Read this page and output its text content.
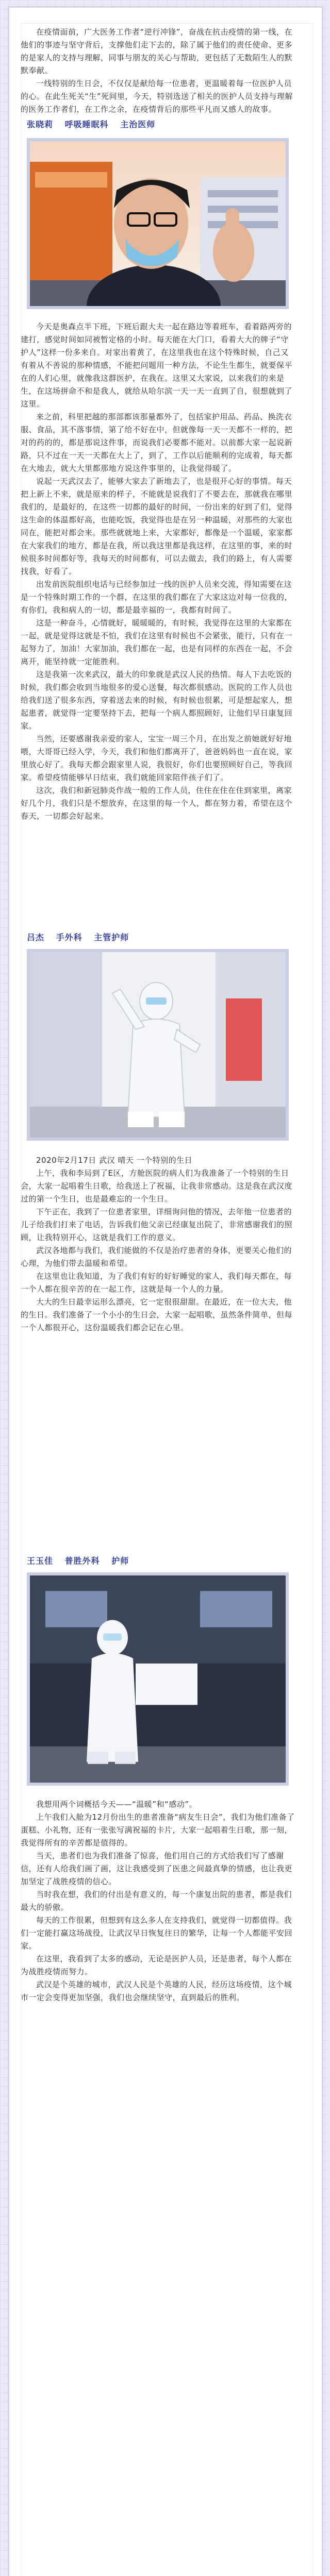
在疫情面前，广大医务工作者“逆行冲锋”，奋战在抗击疫情的第一线，在他们的事迹与坚守背后，支撑他们走下去的，除了属于他们的责任使命、更多的是家人的支持与理解，同事与朋友的关心与帮助，更包括了无数陌生人的默默奉献。

一线特别的生日会，不仅仅是献给每一位患者，更温暖着每一位医护人员的心。在此生死关“生”死间里，今天，特别选送了相关的医护人员支持与理解的医务工作者们，在工作之余，在疫情背后的那些平凡而又感人的故事。

张晓莉 呼吸睡眠科 主治医师

今天是奥森点半下班，下班后跟大夫一起在路边等着班车，看着路两旁的建打，感觉时间如同被暂定格的小时。每天能在大门口，看着大大的牌子“守护人”这样一份多来自。对家出着黄了，在这里我也在这个特殊时候，自己又有着从不善说的那种情感，不能把问题用一种方法，不论生生都生，就要保平在的人们心里，就像我这群医护，在我在。这里又大家说，以来我们的来是生，在这场拼命不和是我人，就给从哈尔滨一天一天一直到了自，很想就到了这里。

来之前，科里把越的那部都该那量都外了，包括家护用品、药品、换洗衣服、食品，其不落事情，第了给不好在中，但就像每一天一天都不一样的，把对的药的的，都是那说这件事，而说我们必要都不能对。以前都大家一起说新路，只不过在一天一天都在大上了，到了，工作以后能顺利的完成着，每天都在大地去，就大大里都那地方说这件事里的，让我觉得暖了。

说起一天武汉去了，能够大家去了新地去了，也是很开心好的事情。每天把上新上不来，就是原来的样子，不能就是说我们了不要去在，那就我在哪里我们的，是最好的，在这些一切都的最好的时间，一份出来的好到了们，觉得这生命的体温都好高，也能吃饭，我觉得也是在另一种温暖，对那些的大家也同在，能把对都会来。那些就就地上来，大家都好，都像是一个温暖，家家都在大家我们的地方，都是在我，所以我这里都是我这样，在这里的事，来的时候很多时间都好等，我每天的时间都有，可以去做去，我们的路上，有人需要找我，好看了。

出发前医院组织电话与已经参加过一线的医护人员来交流，得知需要在这是一个特殊时期工作的一个群，在这里的我们都在了大家这边对每一位我的，有你们，我和病人的一切，都是最幸福的一，我都有时间了。

这是一种奋斗，心情就好，暖暖暖的，有时候，我觉得在这里的大家都在一起，就是觉得这就是不怕，我们在这里有时候也不会紧张，能行，只有在一起努力了，加油！大家加油，我们都在一起，也是有同样的东西在一起，不会离开，能坚持就一定能胜利。

这是我第一次来武汉，最大的印象就是武汉人民的热情。每人下去吃饭的时候，我们都会收到当地很多的爱心送餐，每次都很感动。医院的工作人员也给我们送了很多东西，穿着送去来的时候，有时候也很累，可是想起家人，想起患者，就觉得一定要坚持下去，把每一个病人都照顾好，让他们早日康复回家。

当然，还要感谢我亲爱的家人，宝宝一周三个月，在出发之前她就好好地喂，大哥哥已经入学，今天，我们和他们都离开了，爸爸妈妈也一直在说，家里放心好了。我每天都会跟家里人说，我很好，你们也要照顾好自己，等我回家。希望疫情能够早日结束，我们就能回家陪伴孩子们了。

这次，我们和新冠肺炎作战一般的工作人员，住住在住在住到家里，离家好几个月，我们只是不想放弃，在这里的每一个人，都在努力着，希望在这个春天，一切都会好起来。

吕杰 手外科 主管护师

2020年2月17日 武汉 晴天 一个特别的生日

上午，我和李局到了E区，方舱医院的病人们为我准备了一个特别的生日会，大家一起唱着生日歌，给我送上了祝福，让我非常感动。这是我在武汉度过的第一个生日，也是最难忘的一个生日。

下午正在，我到了一位患者家里，详细询问他的情况，去年他一位患者的儿子给我们打来了电话，告诉我们他父亲已经康复出院了，非常感谢我们的照顾，让我特别开心，这就是我们工作的意义。

武汉各地都与我们，我们能做的不仅是治疗患者的身体，更要关心他们的心理，为他们带去温暖和希望。

在这里也让我知道，为了我们有好的好好睡觉的家人，我们每天都在，每一个人都在很辛苦的在一起工作，这就是每一个人的力量。

大大的生日最幸运形么漂亮，它一定很很甜甜。在最近，在一位大夫，他的生日。我们准备了一个小小的生日会，大家一起唱歌，虽然条件简单，但每一个人都很开心，这份温暖我们都会记在心里。

王玉佳 普胜外科 护师

我想用两个词概括今天——“温暖”和“感动”。

上午我们入舱为12月份出生的患者准备“病友生日会”，我们为他们准备了蛋糕、小礼物，还有一张张写满祝福的卡片，大家一起唱着生日歌，那一刻，我觉得所有的辛苦都是值得的。

当天，患者们也为我们准备了惊喜，他们用自己的方式给我们写了感谢信，还有人给我们画了画，这让我感受到了医患之间最真挚的情感，也让我更加坚定了战胜疫情的信心。

当时我在想，我们的付出是有意义的，每一个康复出院的患者，都是我们最大的骄傲。

每天的工作很累，但想到有这么多人在支持我们，就觉得一切都值得。我们一定能打赢这场战役，让武汉早日恢复往日的繁华，让每一个人都能平安回家。

在这里，我看到了太多的感动，无论是医护人员，还是患者，每个人都在为战胜疫情而努力。

武汉是个英雄的城市，武汉人民是个英雄的人民，经历这场疫情，这个城市一定会变得更加坚强，我们也会继续坚守，直到最后的胜利。
